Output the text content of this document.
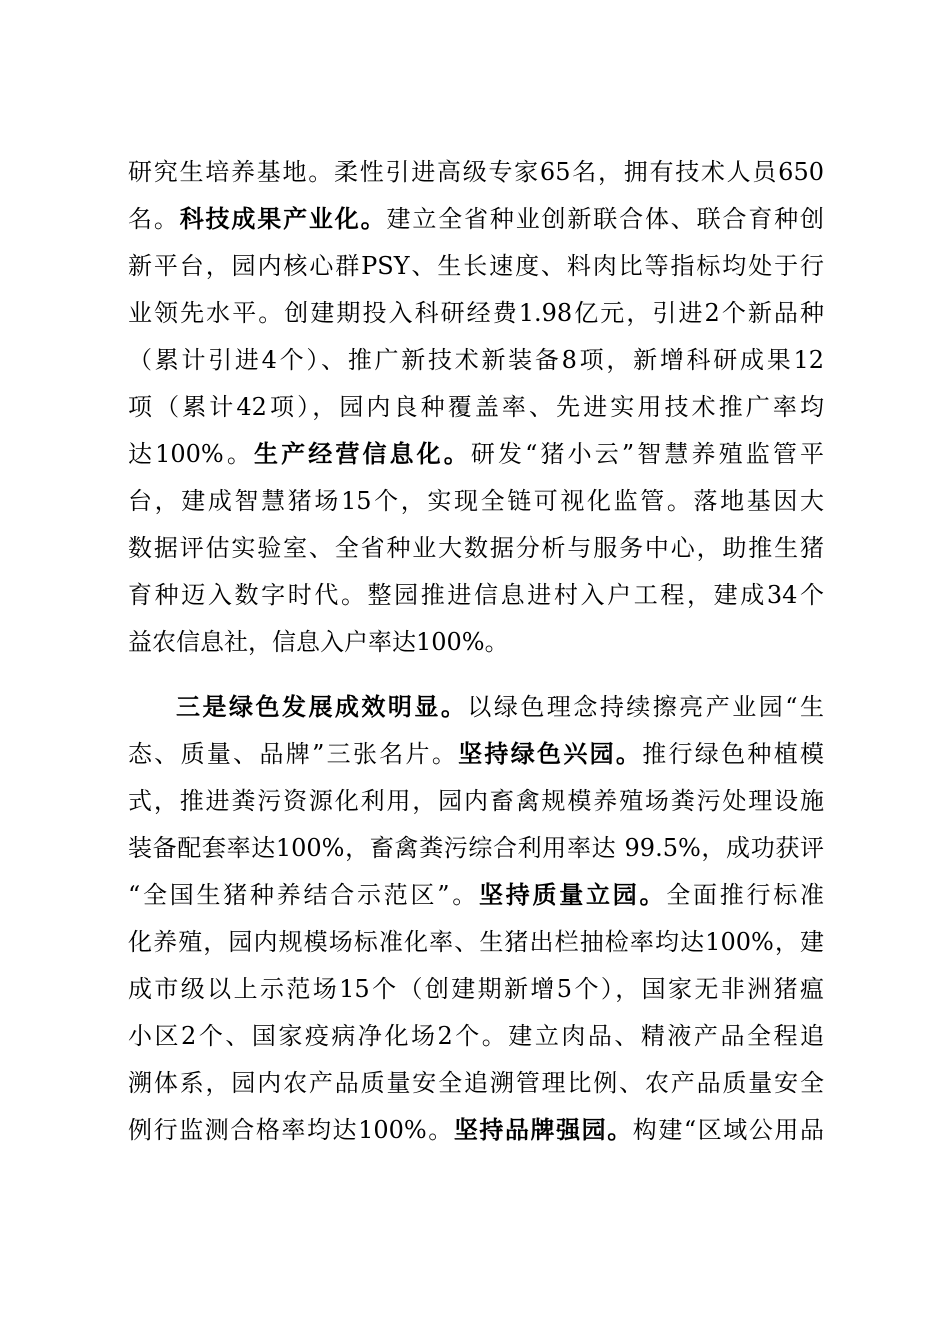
研究生培养基地。柔性引进高级专家65名，拥有技术人员650
名。科技成果产业化。建立全省种业创新联合体、联合育种创
新平台，园内核心群PSY、生长速度、料肉比等指标均处于行
业领先水平。创建期投入科研经费1.98亿元，引进2个新品种
（累计引进4个）、推广新技术新装备8项，新增科研成果12
项（累计42项），园内良种覆盖率、先进实用技术推广率均
达100%。生产经营信息化。研发“猪小云”智慧养殖监管平
台，建成智慧猪场15个，实现全链可视化监管。落地基因大
数据评估实验室、全省种业大数据分析与服务中心，助推生猪
育种迈入数字时代。整园推进信息进村入户工程，建成34个
益农信息社，信息入户率达100%。
三是绿色发展成效明显。以绿色理念持续擦亮产业园“生
态、质量、品牌”三张名片。坚持绿色兴园。推行绿色种植模
式，推进粪污资源化利用，园内畜禽规模养殖场粪污处理设施
装备配套率达100%，畜禽粪污综合利用率达 99.5%，成功获评
“全国生猪种养结合示范区”。坚持质量立园。全面推行标准
化养殖，园内规模场标准化率、生猪出栏抽检率均达100%，建
成市级以上示范场15个（创建期新增5个），国家无非洲猪瘟
小区2个、国家疫病净化场2个。建立肉品、精液产品全程追
溯体系，园内农产品质量安全追溯管理比例、农产品质量安全
例行监测合格率均达100%。坚持品牌强园。构建“区域公用品
